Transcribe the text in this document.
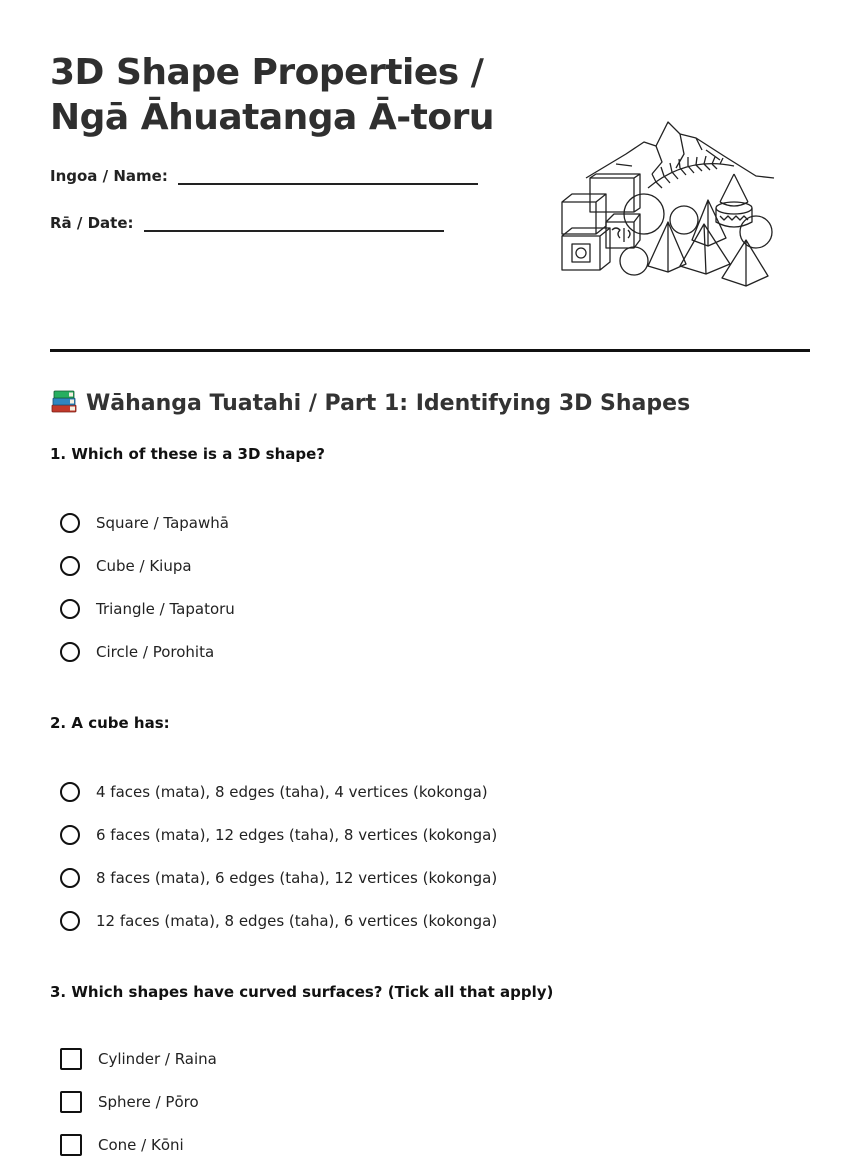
3D Shape Properties /
Ngā Āhuatanga Ā-toru
Ingoa / Name:
Rā / Date:
Wāhanga Tuatahi / Part 1: Identifying 3D Shapes
1. Which of these is a 3D shape?
Square / Tapawhā
Cube / Kiupa
Triangle / Tapatoru
Circle / Porohita
2. A cube has:
4 faces (mata), 8 edges (taha), 4 vertices (kokonga)
6 faces (mata), 12 edges (taha), 8 vertices (kokonga)
8 faces (mata), 6 edges (taha), 12 vertices (kokonga)
12 faces (mata), 8 edges (taha), 6 vertices (kokonga)
3. Which shapes have curved surfaces? (Tick all that apply)
Cylinder / Raina
Sphere / Pōro
Cone / Kōni
